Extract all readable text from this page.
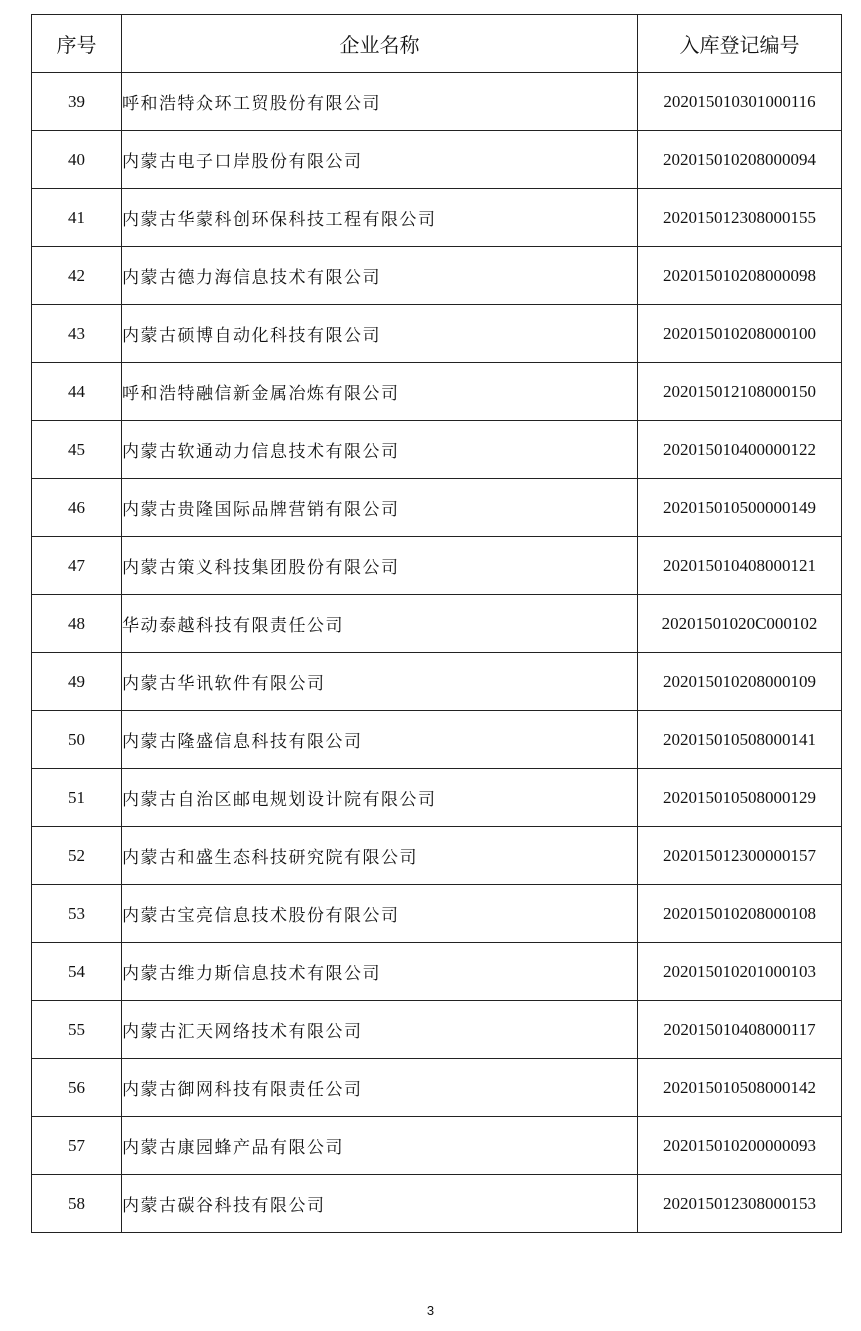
序号	企业名称	入库登记编号
39	呼和浩特众环工贸股份有限公司	202015010301000116
40	内蒙古电子口岸股份有限公司	202015010208000094
41	内蒙古华蒙科创环保科技工程有限公司	202015012308000155
42	内蒙古德力海信息技术有限公司	202015010208000098
43	内蒙古硕博自动化科技有限公司	202015010208000100
44	呼和浩特融信新金属冶炼有限公司	202015012108000150
45	内蒙古软通动力信息技术有限公司	202015010400000122
46	内蒙古贵隆国际品牌营销有限公司	202015010500000149
47	内蒙古策义科技集团股份有限公司	202015010408000121
48	华动泰越科技有限责任公司	20201501020C000102
49	内蒙古华讯软件有限公司	202015010208000109
50	内蒙古隆盛信息科技有限公司	202015010508000141
51	内蒙古自治区邮电规划设计院有限公司	202015010508000129
52	内蒙古和盛生态科技研究院有限公司	202015012300000157
53	内蒙古宝亮信息技术股份有限公司	202015010208000108
54	内蒙古维力斯信息技术有限公司	202015010201000103
55	内蒙古汇天网络技术有限公司	202015010408000117
56	内蒙古御网科技有限责任公司	202015010508000142
57	内蒙古康园蜂产品有限公司	202015010200000093
58	内蒙古碳谷科技有限公司	202015012308000153
3
